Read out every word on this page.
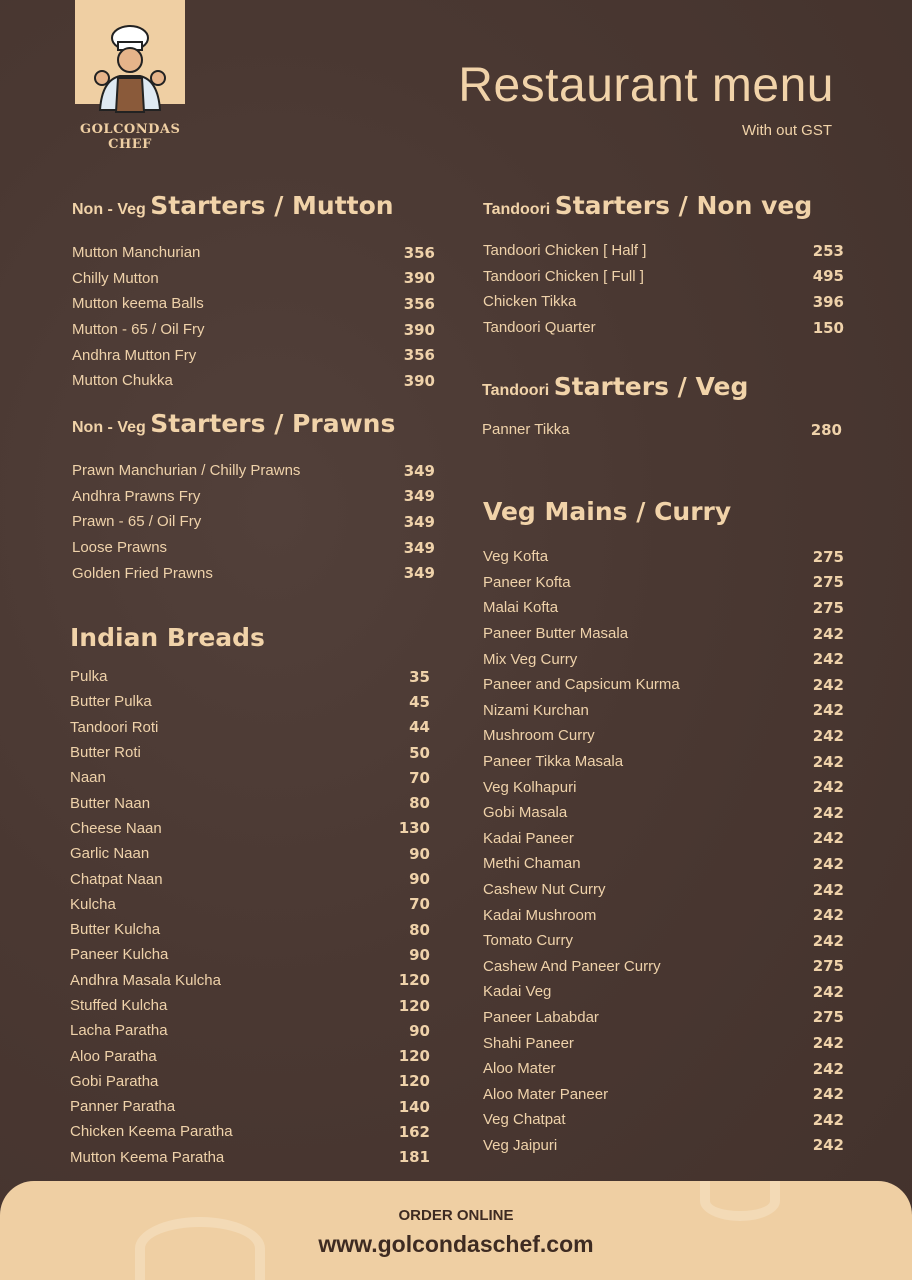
GOLCONDAS
CHEF
Restaurant menu
With out GST
Non - Veg Starters / Mutton
Mutton Manchurian	356
Chilly Mutton	390
Mutton keema Balls	356
Mutton - 65 / Oil Fry	390
Andhra Mutton Fry	356
Mutton Chukka	390
Non - Veg Starters / Prawns
Prawn Manchurian / Chilly Prawns	349
Andhra Prawns Fry	349
Prawn - 65 / Oil Fry	349
Loose Prawns	349
Golden Fried Prawns	349
Indian Breads
Pulka	35
Butter Pulka	45
Tandoori Roti	44
Butter Roti	50
Naan	70
Butter Naan	80
Cheese Naan	130
Garlic Naan	90
Chatpat Naan	90
Kulcha	70
Butter Kulcha	80
Paneer Kulcha	90
Andhra Masala Kulcha	120
Stuffed Kulcha	120
Lacha Paratha	90
Aloo Paratha	120
Gobi Paratha	120
Panner Paratha	140
Chicken Keema Paratha	162
Mutton Keema Paratha	181
Tandoori Starters / Non veg
Tandoori Chicken [ Half ]	253
Tandoori Chicken [ Full ]	495
Chicken Tikka	396
Tandoori Quarter	150
Tandoori Starters / Veg
Panner Tikka	280
Veg Mains / Curry
Veg Kofta	275
Paneer Kofta	275
Malai Kofta	275
Paneer Butter Masala	242
Mix Veg Curry	242
Paneer and Capsicum Kurma	242
Nizami Kurchan	242
Mushroom Curry	242
Paneer Tikka Masala	242
Veg Kolhapuri	242
Gobi Masala	242
Kadai Paneer	242
Methi Chaman	242
Cashew Nut Curry	242
Kadai Mushroom	242
Tomato Curry	242
Cashew And Paneer Curry	275
Kadai Veg	242
Paneer Lababdar	275
Shahi Paneer	242
Aloo Mater	242
Aloo Mater Paneer	242
Veg Chatpat	242
Veg Jaipuri	242
ORDER ONLINE
www.golcondaschef.com
